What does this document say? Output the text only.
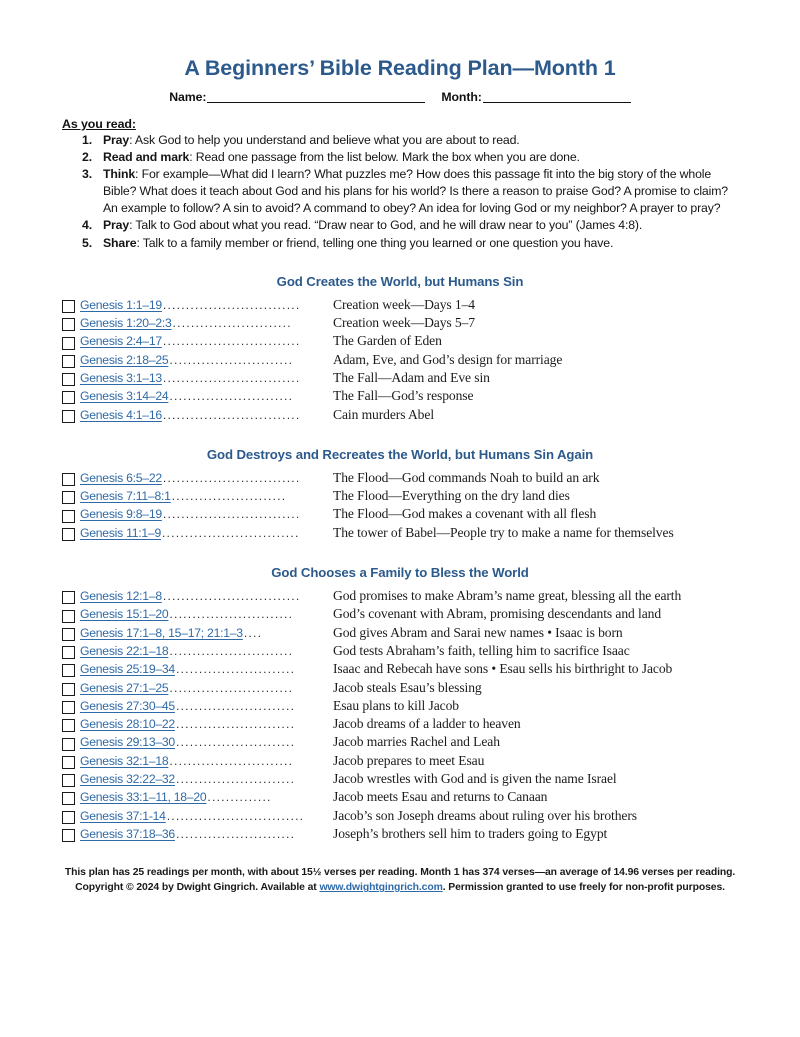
A Beginners’ Bible Reading Plan—Month 1
Name:	Month:
As you read:
Pray: Ask God to help you understand and believe what you are about to read.
Read and mark: Read one passage from the list below. Mark the box when you are done.
Think: For example—What did I learn? What puzzles me? How does this passage fit into the big story of the whole Bible? What does it teach about God and his plans for his world? Is there a reason to praise God? A promise to claim? An example to follow? A sin to avoid? A command to obey? An idea for loving God or my neighbor? A prayer to pray?
Pray: Talk to God about what you read. “Draw near to God, and he will draw near to you” (James 4:8).
Share: Talk to a family member or friend, telling one thing you learned or one question you have.
God Creates the World, but Humans Sin
Genesis 1:1–19 ..............................	Creation week—Days 1–4
Genesis 1:20–2:3 ..........................	Creation week—Days 5–7
Genesis 2:4–17 ..............................	The Garden of Eden
Genesis 2:18–25 ...........................	Adam, Eve, and God’s design for marriage
Genesis 3:1–13 ..............................	The Fall—Adam and Eve sin
Genesis 3:14–24 ...........................	The Fall—God’s response
Genesis 4:1–16 ..............................	Cain murders Abel
God Destroys and Recreates the World, but Humans Sin Again
Genesis 6:5–22 ..............................	The Flood—God commands Noah to build an ark
Genesis 7:11–8:1 .........................	The Flood—Everything on the dry land dies
Genesis 9:8–19 ..............................	The Flood—God makes a covenant with all flesh
Genesis 11:1–9 ..............................	The tower of Babel—People try to make a name for themselves
God Chooses a Family to Bless the World
Genesis 12:1–8 ..............................	God promises to make Abram’s name great, blessing all the earth
Genesis 15:1–20 ...........................	God’s covenant with Abram, promising descendants and land
Genesis 17:1–8, 15–17; 21:1–3 ....	God gives Abram and Sarai new names • Isaac is born
Genesis 22:1–18 ...........................	God tests Abraham’s faith, telling him to sacrifice Isaac
Genesis 25:19–34 ..........................	Isaac and Rebecah have sons • Esau sells his birthright to Jacob
Genesis 27:1–25 ...........................	Jacob steals Esau’s blessing
Genesis 27:30–45 ..........................	Esau plans to kill Jacob
Genesis 28:10–22 ..........................	Jacob dreams of a ladder to heaven
Genesis 29:13–30 ..........................	Jacob marries Rachel and Leah
Genesis 32:1–18 ...........................	Jacob prepares to meet Esau
Genesis 32:22–32 ..........................	Jacob wrestles with God and is given the name Israel
Genesis 33:1–11, 18–20 ..............	Jacob meets Esau and returns to Canaan
Genesis 37:1-14 ..............................	Jacob’s son Joseph dreams about ruling over his brothers
Genesis 37:18–36 ..........................	Joseph’s brothers sell him to traders going to Egypt
This plan has 25 readings per month, with about 15½ verses per reading. Month 1 has 374 verses—an average of 14.96 verses per reading.
Copyright © 2024 by Dwight Gingrich. Available at www.dwightgingrich.com. Permission granted to use freely for non-profit purposes.
